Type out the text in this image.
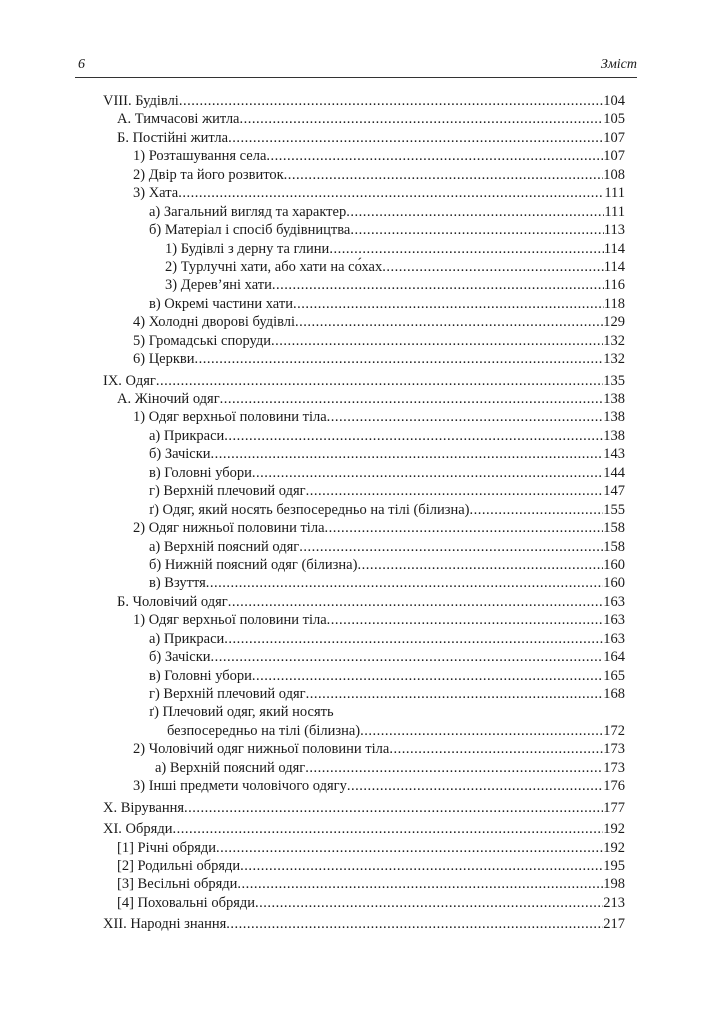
6	Зміст
VIII. Будівлі .....	104
А. Тимчасові житла .....	105
Б. Постійні житла .....	107
1) Розташування села .....	107
2) Двір та його розвиток .....	108
3) Хата .....	111
а) Загальний вигляд та характер .....	111
б) Матеріал і спосіб будівництва .....	113
1) Будівлі з дерну та глини .....	114
2) Турлучні хати, або хати на со́хах .....	114
3) Дерев’яні хати .....	116
в) Окремі частини хати .....	118
4) Холодні дворові будівлі .....	129
5) Громадські споруди .....	132
6) Церкви .....	132
IX. Одяг .....	135
А. Жіночий одяг .....	138
1) Одяг верхньої половини тіла .....	138
а) Прикраси .....	138
б) Зачіски .....	143
в) Головні убори .....	144
г) Верхній плечовий одяг .....	147
ґ) Одяг, який носять безпосередньо на тілі (білизна) .....	155
2) Одяг нижньої половини тіла .....	158
а) Верхній поясний одяг .....	158
б) Нижній поясний одяг (білизна) .....	160
в) Взуття .....	160
Б. Чоловічий одяг .....	163
1) Одяг верхньої половини тіла .....	163
а) Прикраси .....	163
б) Зачіски .....	164
в) Головні убори .....	165
г) Верхній плечовий одяг .....	168
ґ) Плечовий одяг, який носять
безпосередньо на тілі (білизна) .....	172
2) Чоловічий одяг нижньої половини тіла .....	173
а) Верхній поясний одяг .....	173
3) Інші предмети чоловічого одягу .....	176
X. Вірування .....	177
XI. Обряди .....	192
[1] Річні обряди .....	192
[2] Родильні обряди .....	195
[3] Весільні обряди .....	198
[4] Поховальні обряди .....	213
XII. Народні знання .....	217
